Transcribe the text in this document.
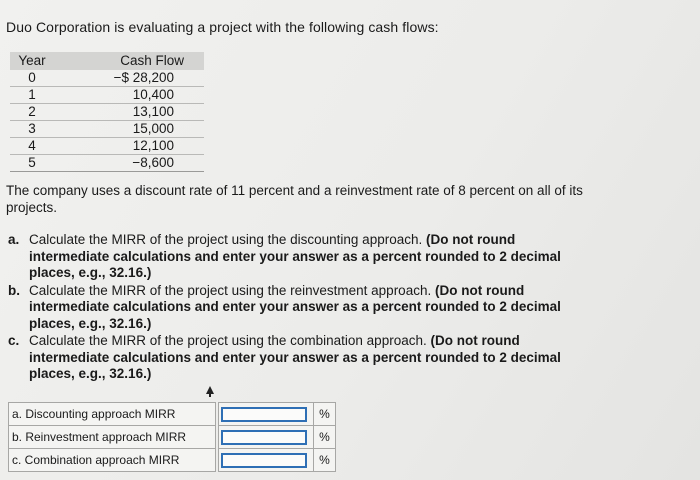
Duo Corporation is evaluating a project with the following cash flows:
Year	Cash Flow
0	−$ 28,200
1	10,400
2	13,100
3	15,000
4	12,100
5	−8,600
The company uses a discount rate of 11 percent and a reinvestment rate of 8 percent on all of its projects.
a. Calculate the MIRR of the project using the discounting approach. (Do not round intermediate calculations and enter your answer as a percent rounded to 2 decimal places, e.g., 32.16.)
b. Calculate the MIRR of the project using the reinvestment approach. (Do not round intermediate calculations and enter your answer as a percent rounded to 2 decimal places, e.g., 32.16.)
c. Calculate the MIRR of the project using the combination approach. (Do not round intermediate calculations and enter your answer as a percent rounded to 2 decimal places, e.g., 32.16.)
a. Discounting approach MIRR			%
b. Reinvestment approach MIRR			%
c. Combination approach MIRR			%
